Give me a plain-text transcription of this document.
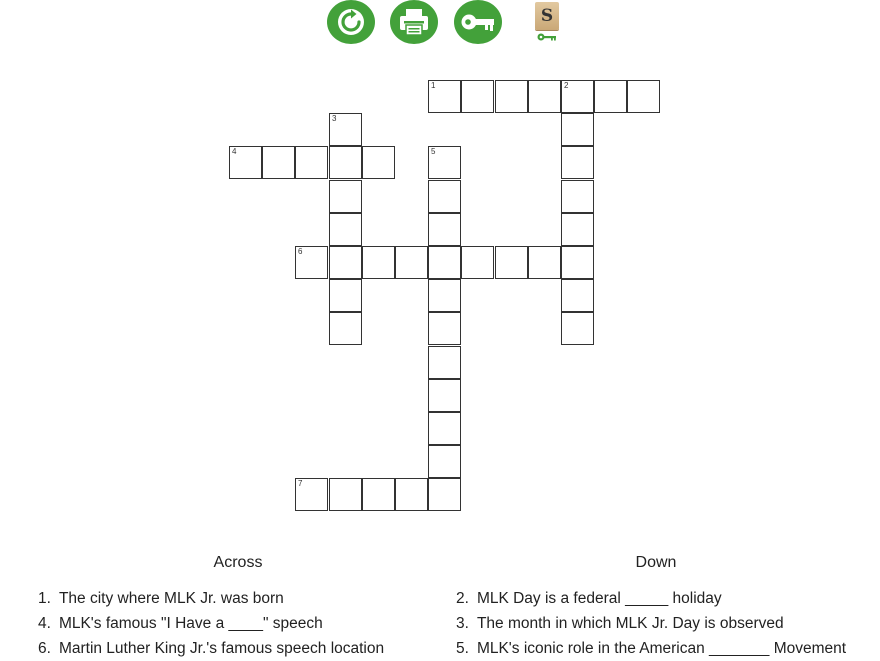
S
1	2
3
4	5
6
7
Across
1. The city where MLK Jr. was born
4. MLK's famous "I Have a ____" speech
6. Martin Luther King Jr.'s famous speech location
Down
2. MLK Day is a federal _____ holiday
3. The month in which MLK Jr. Day is observed
5. MLK's iconic role in the American _______ Movement
